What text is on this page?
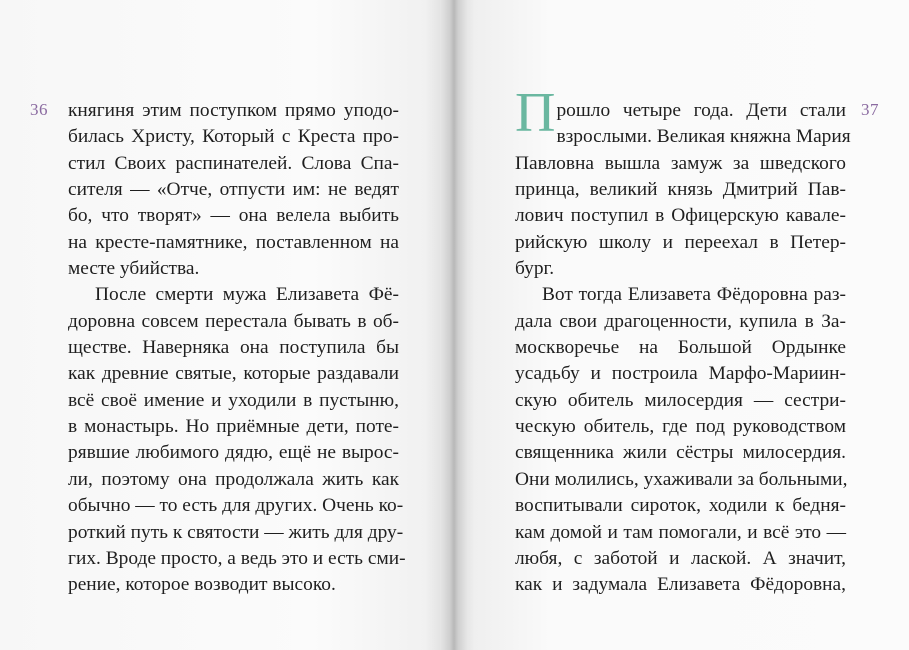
36	37
княгиня этим поступком прямо уподо-
билась Христу, Который с Креста про-
стил Своих распинателей. Слова Спа-
сителя — «Отче, отпусти им: не ведят
бо, что творят» — она велела выбить
на кресте-памятнике, поставленном на
месте убийства.
После смерти мужа Елизавета Фё-
доровна совсем перестала бывать в об-
ществе. Наверняка она поступила бы
как древние святые, которые раздавали
всё своё имение и уходили в пустыню,
в монастырь. Но приёмные дети, поте-
рявшие любимого дядю, ещё не вырос-
ли, поэтому она продолжала жить как
обычно — то есть для других. Очень ко-
роткий путь к святости — жить для дру-
гих. Вроде просто, а ведь это и есть сми-
рение, которое возводит высоко.
П рошло четыре года. Дети стали
взрослыми. Великая княжна Мария
Павловна вышла замуж за шведского
принца, великий князь Дмитрий Пав-
лович поступил в Офицерскую кавале-
рийскую школу и переехал в Петер-
бург.
Вот тогда Елизавета Фёдоровна раз-
дала свои драгоценности, купила в За-
москворечье на Большой Ордынке
усадьбу и построила Марфо-Мариин-
скую обитель милосердия — сестри-
ческую обитель, где под руководством
священника жили сёстры милосердия.
Они молились, ухаживали за больными,
воспитывали сироток, ходили к бедня-
кам домой и там помогали, и всё это —
любя, с заботой и лаской. А значит,
как и задумала Елизавета Фёдоровна,
